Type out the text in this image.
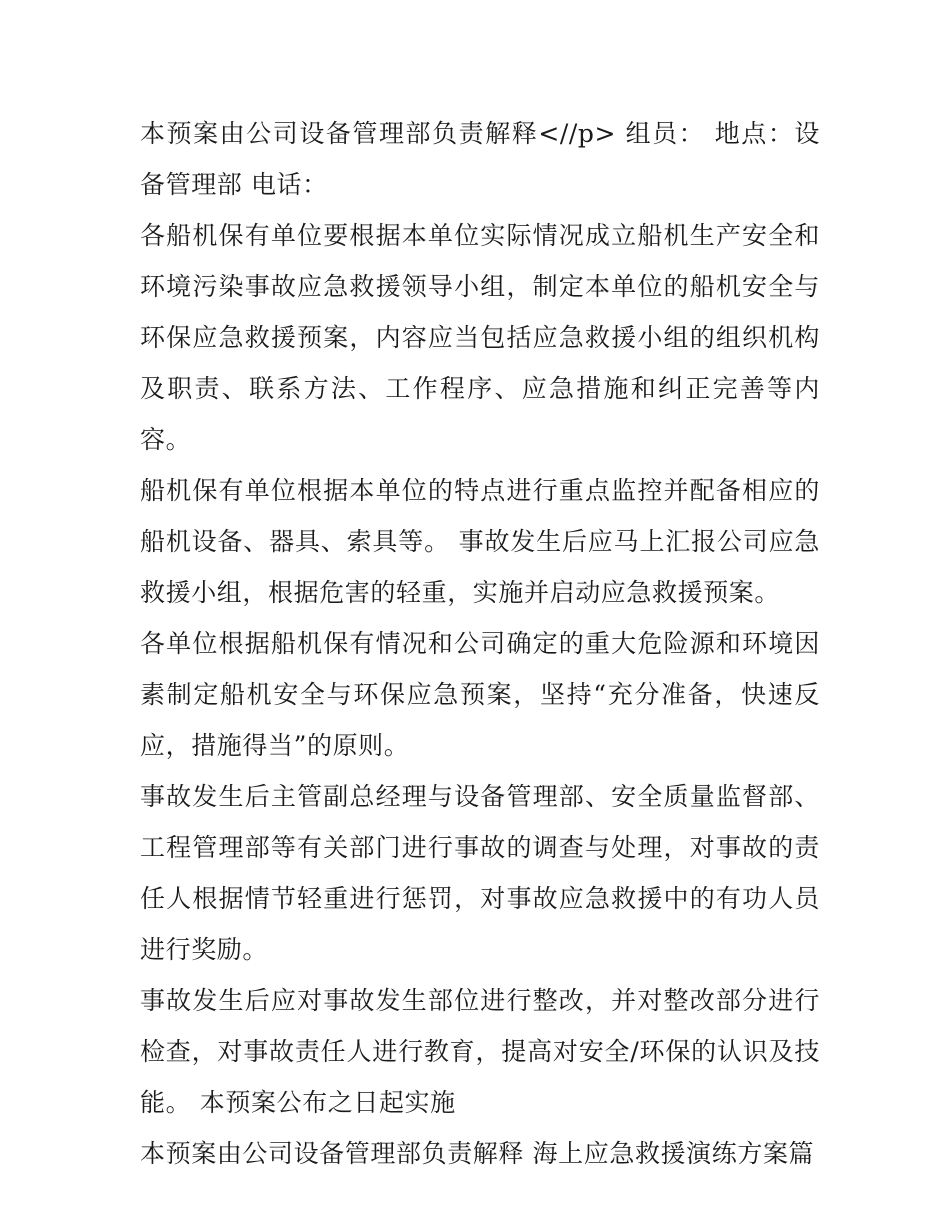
本预案由公司设备管理部负责解释<//p> 组员： 地点：设备管理部 电话：

各船机保有单位要根据本单位实际情况成立船机生产安全和环境污染事故应急救援领导小组，制定本单位的船机安全与环保应急救援预案，内容应当包括应急救援小组的组织机构及职责、联系方法、工作程序、应急措施和纠正完善等内容。

船机保有单位根据本单位的特点进行重点监控并配备相应的船机设备、器具、索具等。 事故发生后应马上汇报公司应急救援小组，根据危害的轻重，实施并启动应急救援预案。

各单位根据船机保有情况和公司确定的重大危险源和环境因素制定船机安全与环保应急预案，坚持“充分准备，快速反应，措施得当”的原则。

事故发生后主管副总经理与设备管理部、安全质量监督部、工程管理部等有关部门进行事故的调查与处理，对事故的责任人根据情节轻重进行惩罚，对事故应急救援中的有功人员进行奖励。

事故发生后应对事故发生部位进行整改，并对整改部分进行检查，对事故责任人进行教育，提高对安全/环保的认识及技能。 本预案公布之日起实施

本预案由公司设备管理部负责解释 海上应急救援演练方案篇
